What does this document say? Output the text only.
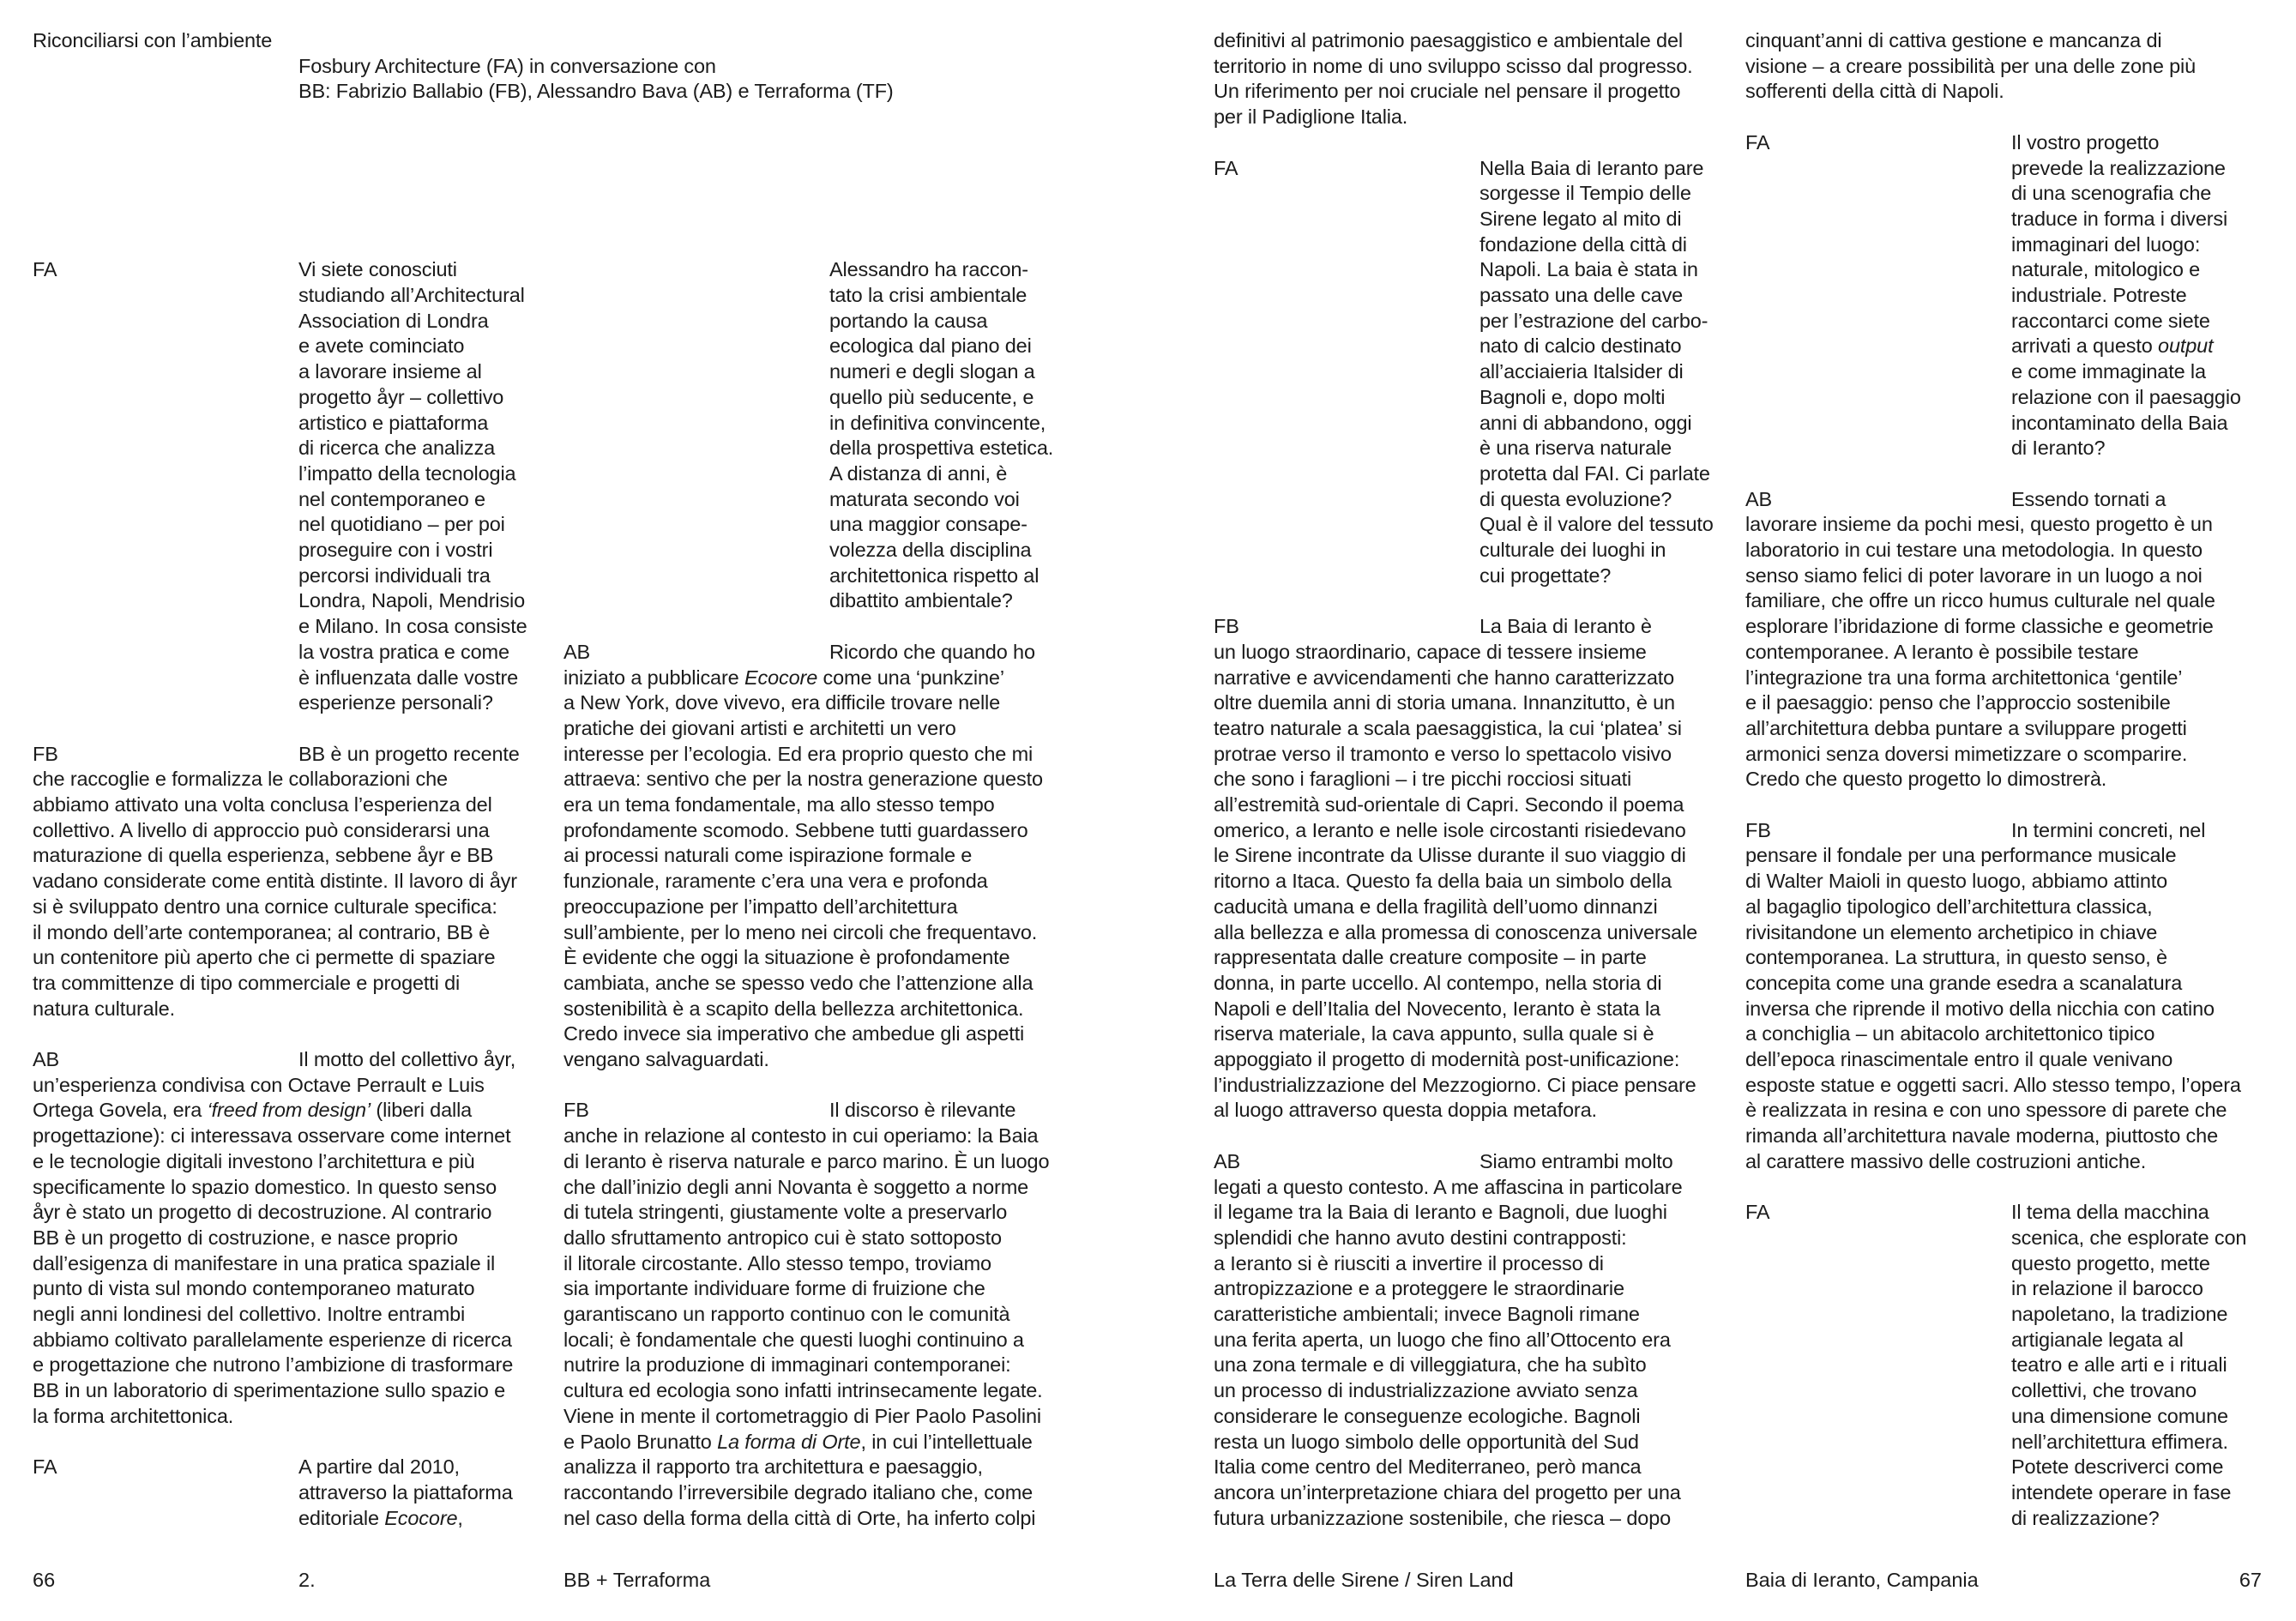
Riconciliarsi con l’ambiente
Fosbury Architecture (FA) in conversazione con
BB: Fabrizio Ballabio (FB), Alessandro Bava (AB) e Terraforma (TF)
FA	Vi siete conosciuti
studiando all’Architectural
Association di Londra
e avete cominciato
a lavorare insieme al
progetto åyr – collettivo
artistico e piattaforma
di ricerca che analizza
l’impatto della tecnologia
nel contemporaneo e
nel quotidiano – per poi
proseguire con i vostri
percorsi individuali tra
Londra, Napoli, Mendrisio
e Milano. In cosa consiste
la vostra pratica e come
è influenzata dalle vostre
esperienze personali?
FB	BB è un progetto recente
che raccoglie e formalizza le collaborazioni che
abbiamo attivato una volta conclusa l’esperienza del
collettivo. A livello di approccio può considerarsi una
maturazione di quella esperienza, sebbene åyr e BB
vadano considerate come entità distinte. Il lavoro di åyr
si è sviluppato dentro una cornice culturale specifica:
il mondo dell’arte contemporanea; al contrario, BB è
un contenitore più aperto che ci permette di spaziare
tra committenze di tipo commerciale e progetti di
natura culturale.
AB	Il motto del collettivo åyr,
un’esperienza condivisa con Octave Perrault e Luis
Ortega Govela, era ‘freed from design’ (liberi dalla
progettazione): ci interessava osservare come internet
e le tecnologie digitali investono l’architettura e più
specificamente lo spazio domestico. In questo senso
åyr è stato un progetto di decostruzione. Al contrario
BB è un progetto di costruzione, e nasce proprio
dall’esigenza di manifestare in una pratica spaziale il
punto di vista sul mondo contemporaneo maturato
negli anni londinesi del collettivo. Inoltre entrambi
abbiamo coltivato parallelamente esperienze di ricerca
e progettazione che nutrono l’ambizione di trasformare
BB in un laboratorio di sperimentazione sullo spazio e
la forma architettonica.
FA	A partire dal 2010,
attraverso la piattaforma
editoriale Ecocore,
Alessandro ha raccon-
tato la crisi ambientale
portando la causa
ecologica dal piano dei
numeri e degli slogan a
quello più seducente, e
in definitiva convincente,
della prospettiva estetica.
A distanza di anni, è
maturata secondo voi
una maggior consape-
volezza della disciplina
architettonica rispetto al
dibattito ambientale?
AB	Ricordo che quando ho
iniziato a pubblicare Ecocore come una ‘punkzine’
a New York, dove vivevo, era difficile trovare nelle
pratiche dei giovani artisti e architetti un vero
interesse per l’ecologia. Ed era proprio questo che mi
attraeva: sentivo che per la nostra generazione questo
era un tema fondamentale, ma allo stesso tempo
profondamente scomodo. Sebbene tutti guardassero
ai processi naturali come ispirazione formale e
funzionale, raramente c’era una vera e profonda
preoccupazione per l’impatto dell’architettura
sull’ambiente, per lo meno nei circoli che frequentavo.
È evidente che oggi la situazione è profondamente
cambiata, anche se spesso vedo che l’attenzione alla
sostenibilità è a scapito della bellezza architettonica.
Credo invece sia imperativo che ambedue gli aspetti
vengano salvaguardati.
FB	Il discorso è rilevante
anche in relazione al contesto in cui operiamo: la Baia
di Ieranto è riserva naturale e parco marino. È un luogo
che dall’inizio degli anni Novanta è soggetto a norme
di tutela stringenti, giustamente volte a preservarlo
dallo sfruttamento antropico cui è stato sottoposto
il litorale circostante. Allo stesso tempo, troviamo
sia importante individuare forme di fruizione che
garantiscano un rapporto continuo con le comunità
locali; è fondamentale che questi luoghi continuino a
nutrire la produzione di immaginari contemporanei:
cultura ed ecologia sono infatti intrinsecamente legate.
Viene in mente il cortometraggio di Pier Paolo Pasolini
e Paolo Brunatto La forma di Orte, in cui l’intellettuale
analizza il rapporto tra architettura e paesaggio,
raccontando l’irreversibile degrado italiano che, come
nel caso della forma della città di Orte, ha inferto colpi
definitivi al patrimonio paesaggistico e ambientale del
territorio in nome di uno sviluppo scisso dal progresso.
Un riferimento per noi cruciale nel pensare il progetto
per il Padiglione Italia.
FA	Nella Baia di Ieranto pare
sorgesse il Tempio delle
Sirene legato al mito di
fondazione della città di
Napoli. La baia è stata in
passato una delle cave
per l’estrazione del carbo-
nato di calcio destinato
all’acciaieria Italsider di
Bagnoli e, dopo molti
anni di abbandono, oggi
è una riserva naturale
protetta dal FAI. Ci parlate
di questa evoluzione?
Qual è il valore del tessuto
culturale dei luoghi in
cui progettate?
FB	La Baia di Ieranto è
un luogo straordinario, capace di tessere insieme
narrative e avvicendamenti che hanno caratterizzato
oltre duemila anni di storia umana. Innanzitutto, è un
teatro naturale a scala paesaggistica, la cui ‘platea’ si
protrae verso il tramonto e verso lo spettacolo visivo
che sono i faraglioni – i tre picchi rocciosi situati
all’estremità sud-orientale di Capri. Secondo il poema
omerico, a Ieranto e nelle isole circostanti risiedevano
le Sirene incontrate da Ulisse durante il suo viaggio di
ritorno a Itaca. Questo fa della baia un simbolo della
caducità umana e della fragilità dell’uomo dinnanzi
alla bellezza e alla promessa di conoscenza universale
rappresentata dalle creature composite – in parte
donna, in parte uccello. Al contempo, nella storia di
Napoli e dell’Italia del Novecento, Ieranto è stata la
riserva materiale, la cava appunto, sulla quale si è
appoggiato il progetto di modernità post-unificazione:
l’industrializzazione del Mezzogiorno. Ci piace pensare
al luogo attraverso questa doppia metafora.
AB	Siamo entrambi molto
legati a questo contesto. A me affascina in particolare
il legame tra la Baia di Ieranto e Bagnoli, due luoghi
splendidi che hanno avuto destini contrapposti:
a Ieranto si è riusciti a invertire il processo di
antropizzazione e a proteggere le straordinarie
caratteristiche ambientali; invece Bagnoli rimane
una ferita aperta, un luogo che fino all’Ottocento era
una zona termale e di villeggiatura, che ha subìto
un processo di industrializzazione avviato senza
considerare le conseguenze ecologiche. Bagnoli
resta un luogo simbolo delle opportunità del Sud
Italia come centro del Mediterraneo, però manca
ancora un’interpretazione chiara del progetto per una
futura urbanizzazione sostenibile, che riesca – dopo
cinquant’anni di cattiva gestione e mancanza di
visione – a creare possibilità per una delle zone più
sofferenti della città di Napoli.
FA	Il vostro progetto
prevede la realizzazione
di una scenografia che
traduce in forma i diversi
immaginari del luogo:
naturale, mitologico e
industriale. Potreste
raccontarci come siete
arrivati a questo output
e come immaginate la
relazione con il paesaggio
incontaminato della Baia
di Ieranto?
AB	Essendo tornati a
lavorare insieme da pochi mesi, questo progetto è un
laboratorio in cui testare una metodologia. In questo
senso siamo felici di poter lavorare in un luogo a noi
familiare, che offre un ricco humus culturale nel quale
esplorare l’ibridazione di forme classiche e geometrie
contemporanee. A Ieranto è possibile testare
l’integrazione tra una forma architettonica ‘gentile’
e il paesaggio: penso che l’approccio sostenibile
all’architettura debba puntare a sviluppare progetti
armonici senza doversi mimetizzare o scomparire.
Credo che questo progetto lo dimostrerà.
FB	In termini concreti, nel
pensare il fondale per una performance musicale
di Walter Maioli in questo luogo, abbiamo attinto
al bagaglio tipologico dell’architettura classica,
rivisitandone un elemento archetipico in chiave
contemporanea. La struttura, in questo senso, è
concepita come una grande esedra a scanalatura
inversa che riprende il motivo della nicchia con catino
a conchiglia – un abitacolo architettonico tipico
dell’epoca rinascimentale entro il quale venivano
esposte statue e oggetti sacri. Allo stesso tempo, l’opera
è realizzata in resina e con uno spessore di parete che
rimanda all’architettura navale moderna, piuttosto che
al carattere massivo delle costruzioni antiche.
FA	Il tema della macchina
scenica, che esplorate con
questo progetto, mette
in relazione il barocco
napoletano, la tradizione
artigianale legata al
teatro e alle arti e i rituali
collettivi, che trovano
una dimensione comune
nell’architettura effimera.
Potete descriverci come
intendete operare in fase
di realizzazione?
66	2.	BB + Terraforma	La Terra delle Sirene / Siren Land	Baia di Ieranto, Campania	67
